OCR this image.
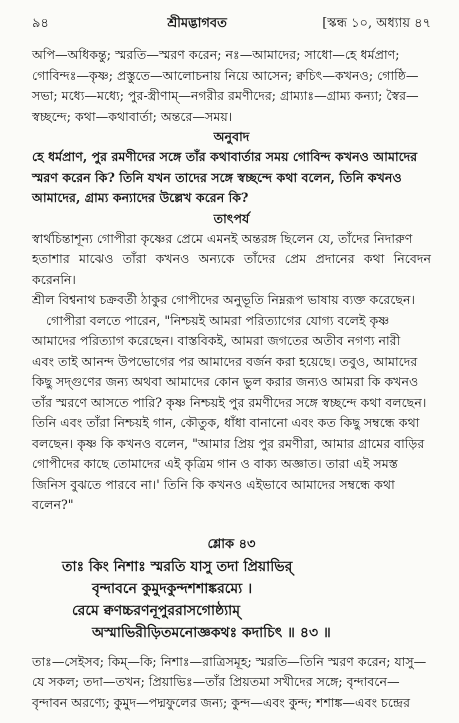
৯৪	শ্রীমদ্ভাগবত	[স্কন্ধ ১০, অধ্যায় ৪৭

অপি—অধিকন্তু; স্মরতি—স্মরণ করেন; নঃ—আমাদের; সাধো—হে ধর্মপ্রাণ;

গোবিন্দঃ—কৃষ্ণ; প্রস্তুতে—আলোচনায় নিয়ে আসেন; ক্বচিৎ—কখনও; গোষ্ঠি—

সভা; মধ্যে—মধ্যে; পুর-স্ত্রীণাম্—নগরীর রমণীদের; গ্রাম্যাঃ—গ্রাম্য কন্যা; স্বৈর—

স্বচ্ছন্দে; কথা—কথাবার্তা; অন্তরে—সময়।

অনুবাদ

হে ধর্মপ্রাণ, পুর রমণীদের সঙ্গে তাঁর কথাবার্তার সময় গোবিন্দ কখনও আমাদের

স্মরণ করেন কি? তিনি যখন তাদের সঙ্গে স্বচ্ছন্দে কথা বলেন, তিনি কখনও

আমাদের, গ্রাম্য কন্যাদের উল্লেখ করেন কি?

তাৎপর্য

স্বার্থচিন্তাশূন্য গোপীরা কৃষ্ণের প্রেমে এমনই অন্তরঙ্গ ছিলেন যে, তাঁদের নিদারুণ

হতাশার মাঝেও তাঁরা কখনও অন্যকে তাঁদের প্রেম প্রদানের কথা নিবেদন করেননি।

শ্রীল বিশ্বনাথ চক্রবর্তী ঠাকুর গোপীদের অনুভূতি নিম্নরূপ ভাষায় ব্যক্ত করেছেন।

গোপীরা বলতে পারেন, "নিশ্চয়ই আমরা পরিত্যাগের যোগ্য বলেই কৃষ্ণ

আমাদের পরিত্যাগ করেছেন। বাস্তবিকই, আমরা জগতের অতীব নগণ্য নারী

এবং তাই আনন্দ উপভোগের পর আমাদের বর্জন করা হয়েছে। তবুও, আমাদের

কিছু সদ্গুণের জন্য অথবা আমাদের কোন ভুল করার জন্যও আমরা কি কখনও

তাঁর স্মরণে আসতে পারি? কৃষ্ণ নিশ্চয়ই পুর রমণীদের সঙ্গে স্বচ্ছন্দে কথা বলছেন।

তিনি এবং তাঁরা নিশ্চয়ই গান, কৌতুক, ধাঁধা বানানো এবং কত কিছু সম্বন্ধে কথা

বলছেন। কৃষ্ণ কি কখনও বলেন, "আমার প্রিয় পুর রমণীরা, আমার গ্রামের বাড়ির

গোপীদের কাছে তোমাদের এই কৃত্রিম গান ও বাক্য অজ্ঞাত। তারা এই সমস্ত

জিনিস বুঝতে পারবে না।' তিনি কি কখনও এইভাবে আমাদের সম্বন্ধে কথা

বলেন?"

শ্লোক ৪৩

তাঃ কিং নিশাঃ স্মরতি যাসু তদা প্রিয়াভির্

বৃন্দাবনে কুমুদকুন্দশশাঙ্করম্যে ।

রেমে ক্বণচ্চরণনূপুররাসগোষ্ঠ্যাম্

অস্মাভিরীড়িতমনোজ্ঞকথঃ কদাচিৎ ॥ ৪৩ ॥

তাঃ—সেইসব; কিম্—কি; নিশাঃ—রাত্রিসমূহ; স্মরতি—তিনি স্মরণ করেন; যাসু—

যে সকল; তদা—তখন; প্রিয়াভিঃ—তাঁর প্রিয়তমা সখীদের সঙ্গে; বৃন্দাবনে—

বৃন্দাবন অরণ্যে; কুমুদ—পদ্মফুলের জন্য; কুন্দ—এবং কুন্দ; শশাঙ্ক—এবং চন্দ্রের
